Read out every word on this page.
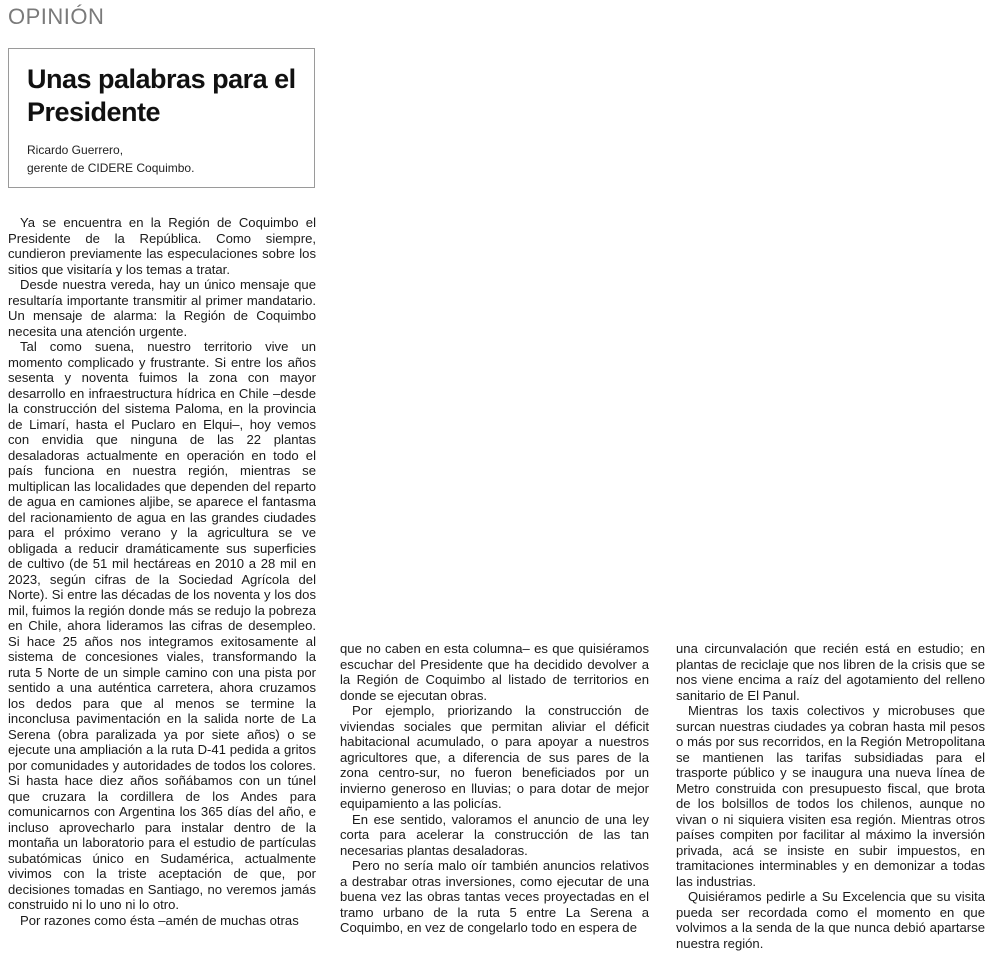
OPINIÓN
Unas palabras para el Presidente
Ricardo Guerrero,
gerente de CIDERE Coquimbo.

Ya se encuentra en la Región de Coquimbo el Presidente de la República. Como siempre, cundieron previamente las especulaciones sobre los sitios que visitaría y los temas a tratar.

Desde nuestra vereda, hay un único mensaje que resultaría importante transmitir al primer mandatario. Un mensaje de alarma: la Región de Coquimbo necesita una atención urgente.

Tal como suena, nuestro territorio vive un momento complicado y frustrante. Si entre los años sesenta y noventa fuimos la zona con mayor desarrollo en infraestructura hídrica en Chile –desde la construcción del sistema Paloma, en la provincia de Limarí, hasta el Puclaro en Elqui–, hoy vemos con envidia que ninguna de las 22 plantas desaladoras actualmente en operación en todo el país funciona en nuestra región, mientras se multiplican las localidades que dependen del reparto de agua en camiones aljibe, se aparece el fantasma del racionamiento de agua en las grandes ciudades para el próximo verano y la agricultura se ve obligada a reducir dramáticamente sus superficies de cultivo (de 51 mil hectáreas en 2010 a 28 mil en 2023, según cifras de la Sociedad Agrícola del Norte). Si entre las décadas de los noventa y los dos mil, fuimos la región donde más se redujo la pobreza en Chile, ahora lideramos las cifras de desempleo. Si hace 25 años nos integramos exitosamente al sistema de concesiones viales, transformando la ruta 5 Norte de un simple camino con una pista por sentido a una auténtica carretera, ahora cruzamos los dedos para que al menos se termine la inconclusa pavimentación en la salida norte de La Serena (obra paralizada ya por siete años) o se ejecute una ampliación a la ruta D-41 pedida a gritos por comunidades y autoridades de todos los colores. Si hasta hace diez años soñábamos con un túnel que cruzara la cordillera de los Andes para comunicarnos con Argentina los 365 días del año, e incluso aprovecharlo para instalar dentro de la montaña un laboratorio para el estudio de partículas subatómicas único en Sudamérica, actualmente vivimos con la triste aceptación de que, por decisiones tomadas en Santiago, no veremos jamás construido ni lo uno ni lo otro.

Por razones como ésta –amén de muchas otras

que no caben en esta columna– es que quisiéramos escuchar del Presidente que ha decidido devolver a la Región de Coquimbo al listado de territorios en donde se ejecutan obras.

Por ejemplo, priorizando la construcción de viviendas sociales que permitan aliviar el déficit habitacional acumulado, o para apoyar a nuestros agricultores que, a diferencia de sus pares de la zona centro-sur, no fueron beneficiados por un invierno generoso en lluvias; o para dotar de mejor equipamiento a las policías.

En ese sentido, valoramos el anuncio de una ley corta para acelerar la construcción de las tan necesarias plantas desaladoras.

Pero no sería malo oír también anuncios relativos a destrabar otras inversiones, como ejecutar de una buena vez las obras tantas veces proyectadas en el tramo urbano de la ruta 5 entre La Serena a Coquimbo, en vez de congelarlo todo en espera de

una circunvalación que recién está en estudio; en plantas de reciclaje que nos libren de la crisis que se nos viene encima a raíz del agotamiento del relleno sanitario de El Panul.

Mientras los taxis colectivos y microbuses que surcan nuestras ciudades ya cobran hasta mil pesos o más por sus recorridos, en la Región Metropolitana se mantienen las tarifas subsidiadas para el trasporte público y se inaugura una nueva línea de Metro construida con presupuesto fiscal, que brota de los bolsillos de todos los chilenos, aunque no vivan o ni siquiera visiten esa región. Mientras otros países compiten por facilitar al máximo la inversión privada, acá se insiste en subir impuestos, en tramitaciones interminables y en demonizar a todas las industrias.

Quisiéramos pedirle a Su Excelencia que su visita pueda ser recordada como el momento en que volvimos a la senda de la que nunca debió apartarse nuestra región.
